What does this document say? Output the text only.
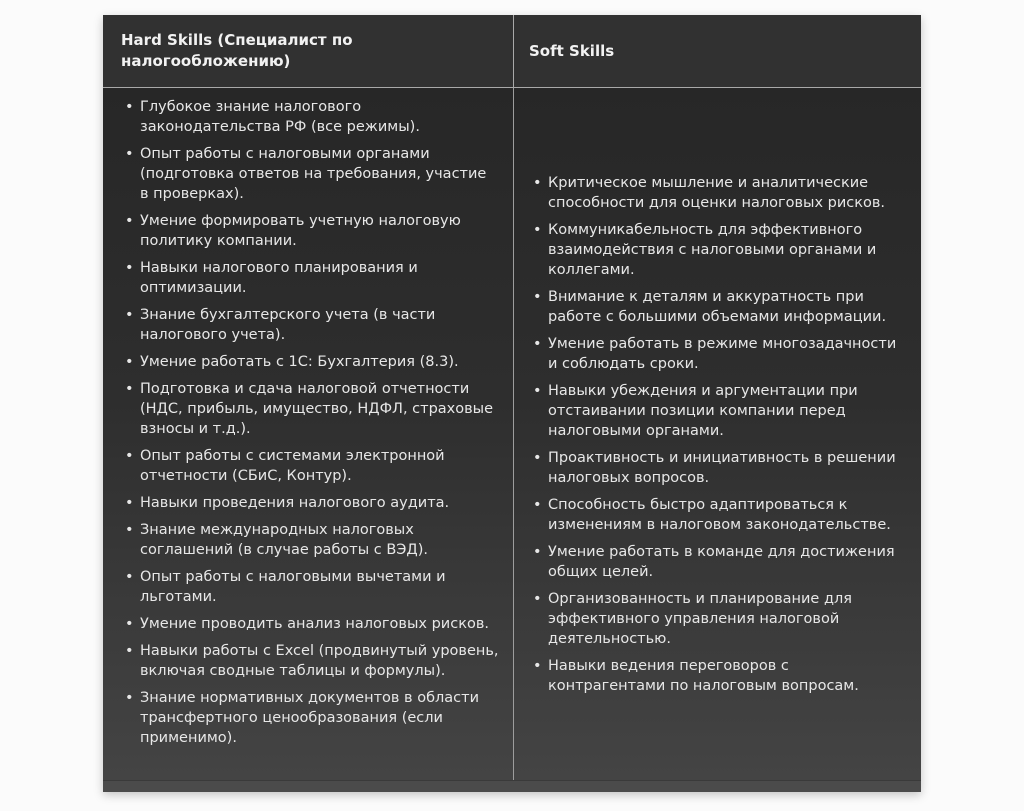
Hard Skills (Специалист по налогообложению)
Soft Skills
• Глубокое знание налогового законодательства РФ (все режимы).
• Опыт работы с налоговыми органами (подготовка ответов на требования, участие в проверках).
• Умение формировать учетную налоговую политику компании.
• Навыки налогового планирования и оптимизации.
• Знание бухгалтерского учета (в части налогового учета).
• Умение работать с 1С: Бухгалтерия (8.3).
• Подготовка и сдача налоговой отчетности (НДС, прибыль, имущество, НДФЛ, страховые взносы и т.д.).
• Опыт работы с системами электронной отчетности (СБиС, Контур).
• Навыки проведения налогового аудита.
• Знание международных налоговых соглашений (в случае работы с ВЭД).
• Опыт работы с налоговыми вычетами и льготами.
• Умение проводить анализ налоговых рисков.
• Навыки работы с Excel (продвинутый уровень, включая сводные таблицы и формулы).
• Знание нормативных документов в области трансфертного ценообразования (если применимо).
• Критическое мышление и аналитические способности для оценки налоговых рисков.
• Коммуникабельность для эффективного взаимодействия с налоговыми органами и коллегами.
• Внимание к деталям и аккуратность при работе с большими объемами информации.
• Умение работать в режиме многозадачности и соблюдать сроки.
• Навыки убеждения и аргументации при отстаивании позиции компании перед налоговыми органами.
• Проактивность и инициативность в решении налоговых вопросов.
• Способность быстро адаптироваться к изменениям в налоговом законодательстве.
• Умение работать в команде для достижения общих целей.
• Организованность и планирование для эффективного управления налоговой деятельностью.
• Навыки ведения переговоров с контрагентами по налоговым вопросам.
